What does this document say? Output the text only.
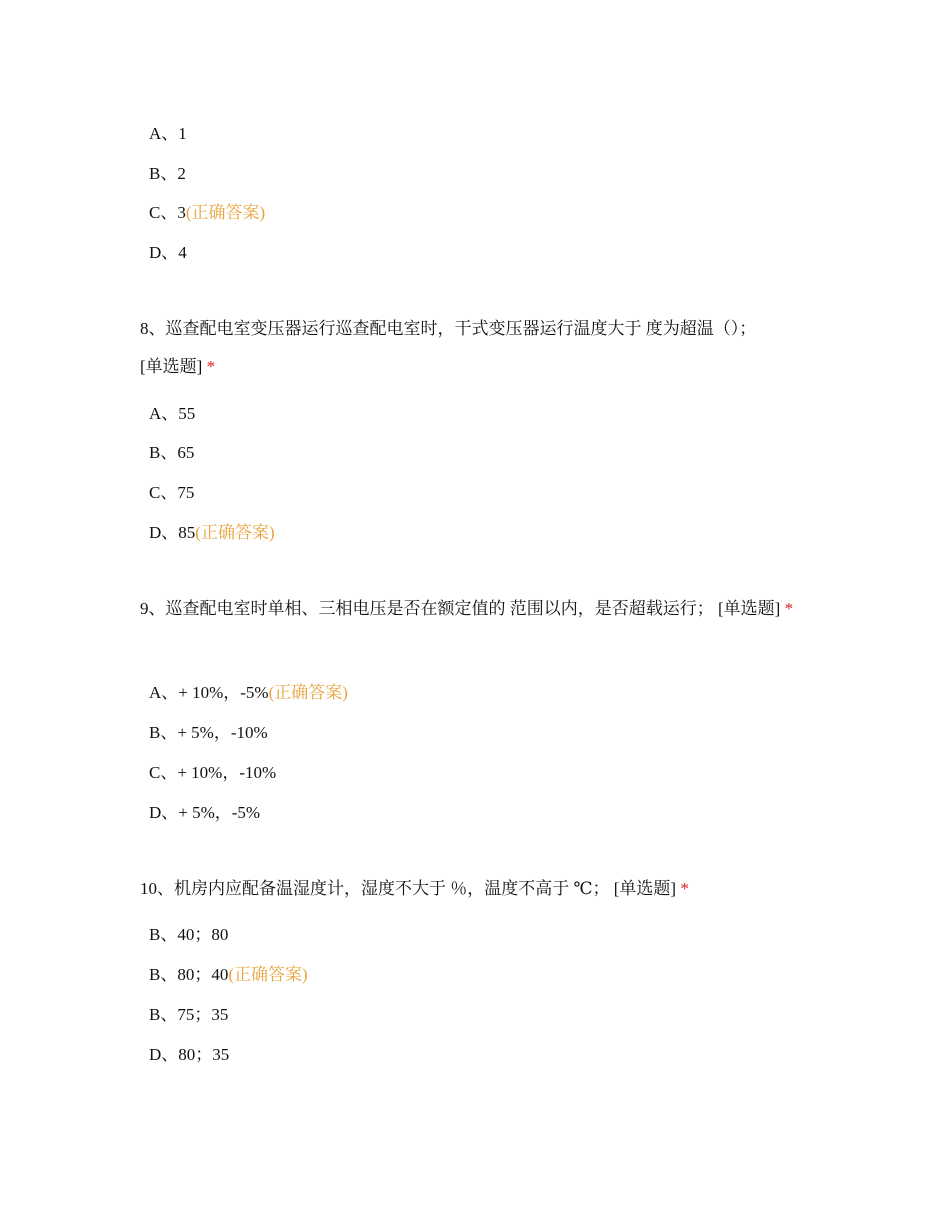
A、1
B、2
C、3(正确答案)
D、4
8、巡查配电室变压器运行巡查配电室时，干式变压器运行温度大于 度为超温（）； [单选题] *
A、55
B、65
C、75
D、85(正确答案)
9、巡查配电室时单相、三相电压是否在额定值的 范围以内，是否超载运行； [单选题] *
A、+ 10%，-5%(正确答案)
B、+ 5%，-10%
C、+ 10%，-10%
D、+ 5%，-5%
10、机房内应配备温湿度计，湿度不大于 ％，温度不高于 ℃； [单选题] *
B、40；80
B、80；40(正确答案)
B、75；35
D、80；35
